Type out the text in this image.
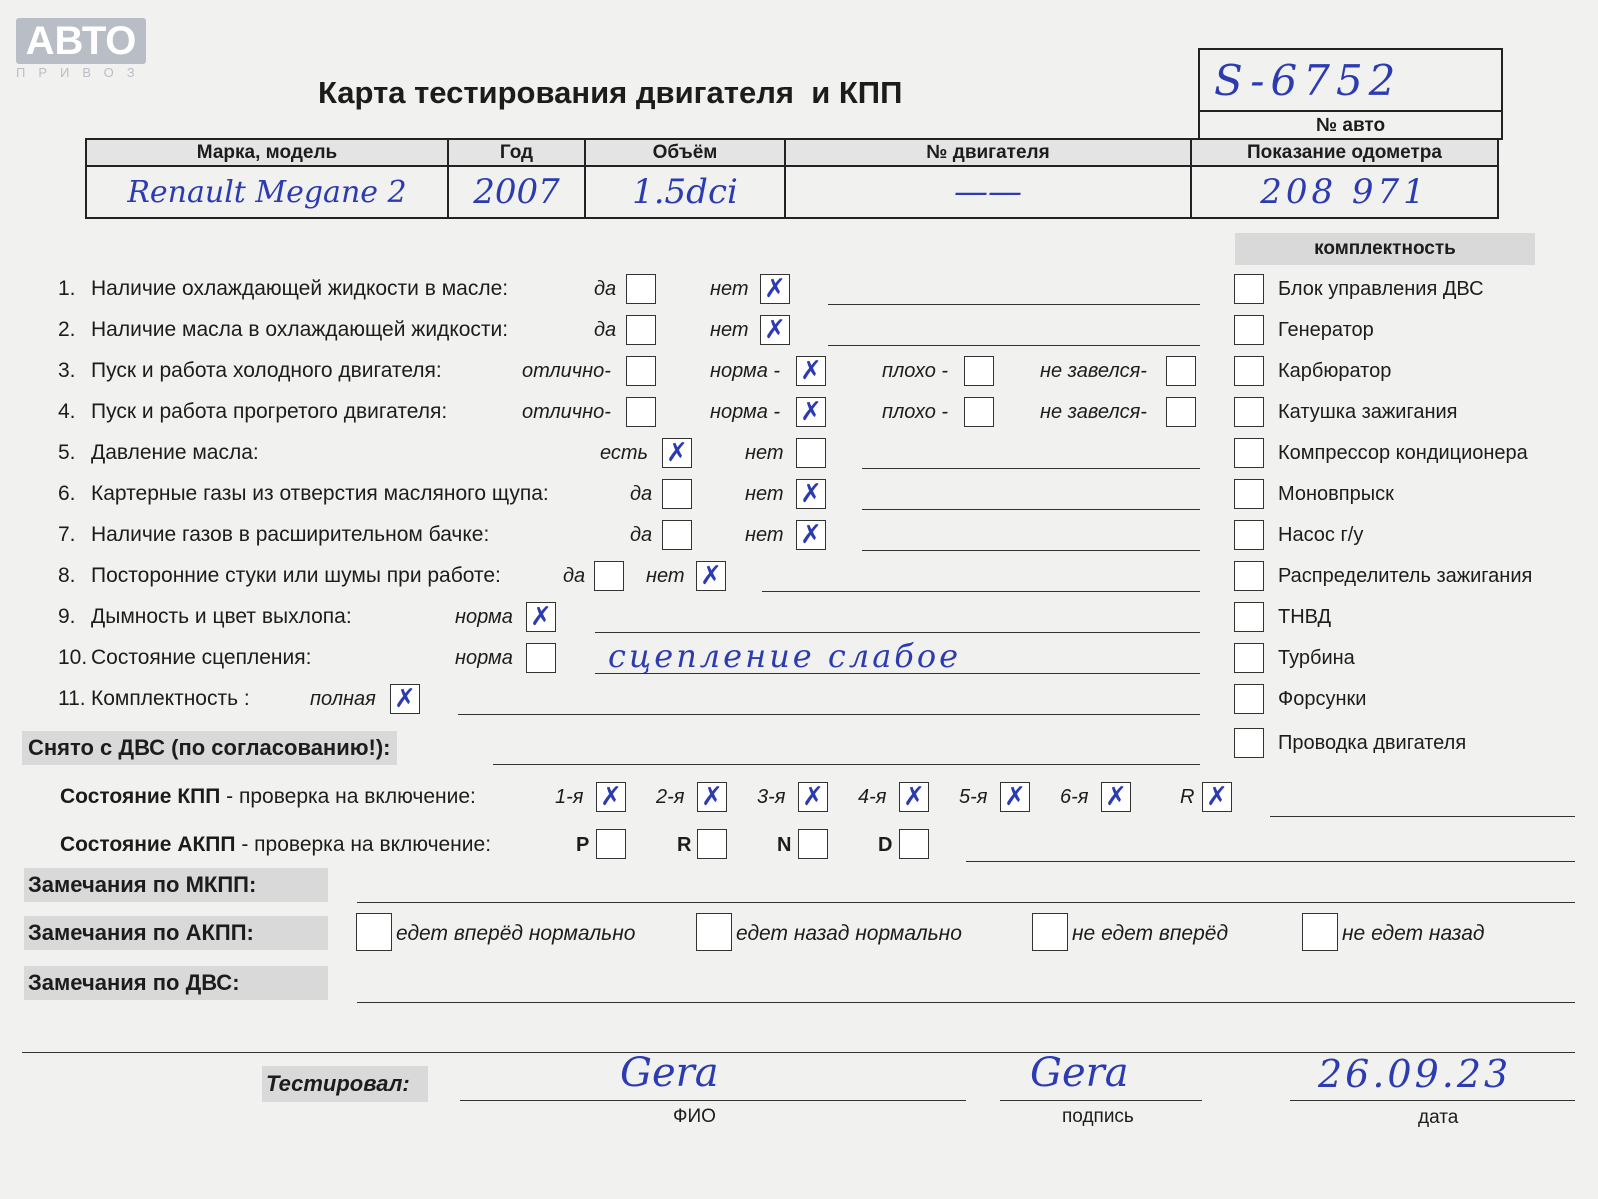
АВТО
ПРИВОЗ
Карта тестирования двигателя  и КПП	S-6752
№ авто
Марка, модель	Год	Объём	№ двигателя	Показание одометра
Renault Megane 2	2007	1.5dci	——	208 971
комплектность
1. Наличие охлаждающей жидкости в масле:	да	нет ✗
2. Наличие масла в охлаждающей жидкости:	да	нет ✗
3. Пуск и работа холодного двигателя:	отлично-	норма - ✗	плохо -	не завелся-
4. Пуск и работа прогретого двигателя:	отлично-	норма - ✗	плохо -	не завелся-
5. Давление масла:	есть ✗	нет
6. Картерные газы из отверстия масляного щупа:	да	нет ✗
7. Наличие газов в расширительном бачке:	да	нет ✗
8. Посторонние стуки или шумы при работе:	да	нет ✗
9. Дымность и цвет выхлопа:	норма ✗
10. Состояние сцепления:	норма	сцепление слабое
11. Комплектность :	полная ✗
Блок управления ДВС
Генератор
Карбюратор
Катушка зажигания
Компрессор кондиционера
Моновпрыск
Насос г/у
Распределитель зажигания
ТНВД
Турбина
Форсунки
Проводка двигателя
Снято с ДВС (по согласованию!):
Состояние КПП - проверка на включение:	1-я ✗ 2-я ✗ 3-я ✗ 4-я ✗ 5-я ✗ 6-я ✗	R ✗
Состояние АКПП - проверка на включение:	P	R	N	D
Замечания по МКПП:
Замечания по АКПП:	едет вперёд нормально	едет назад нормально	не едет вперёд	не едет назад
Замечания по ДВС:
Тестировал:	Gera
ФИО
Gera
подпись
26.09.23
дата
